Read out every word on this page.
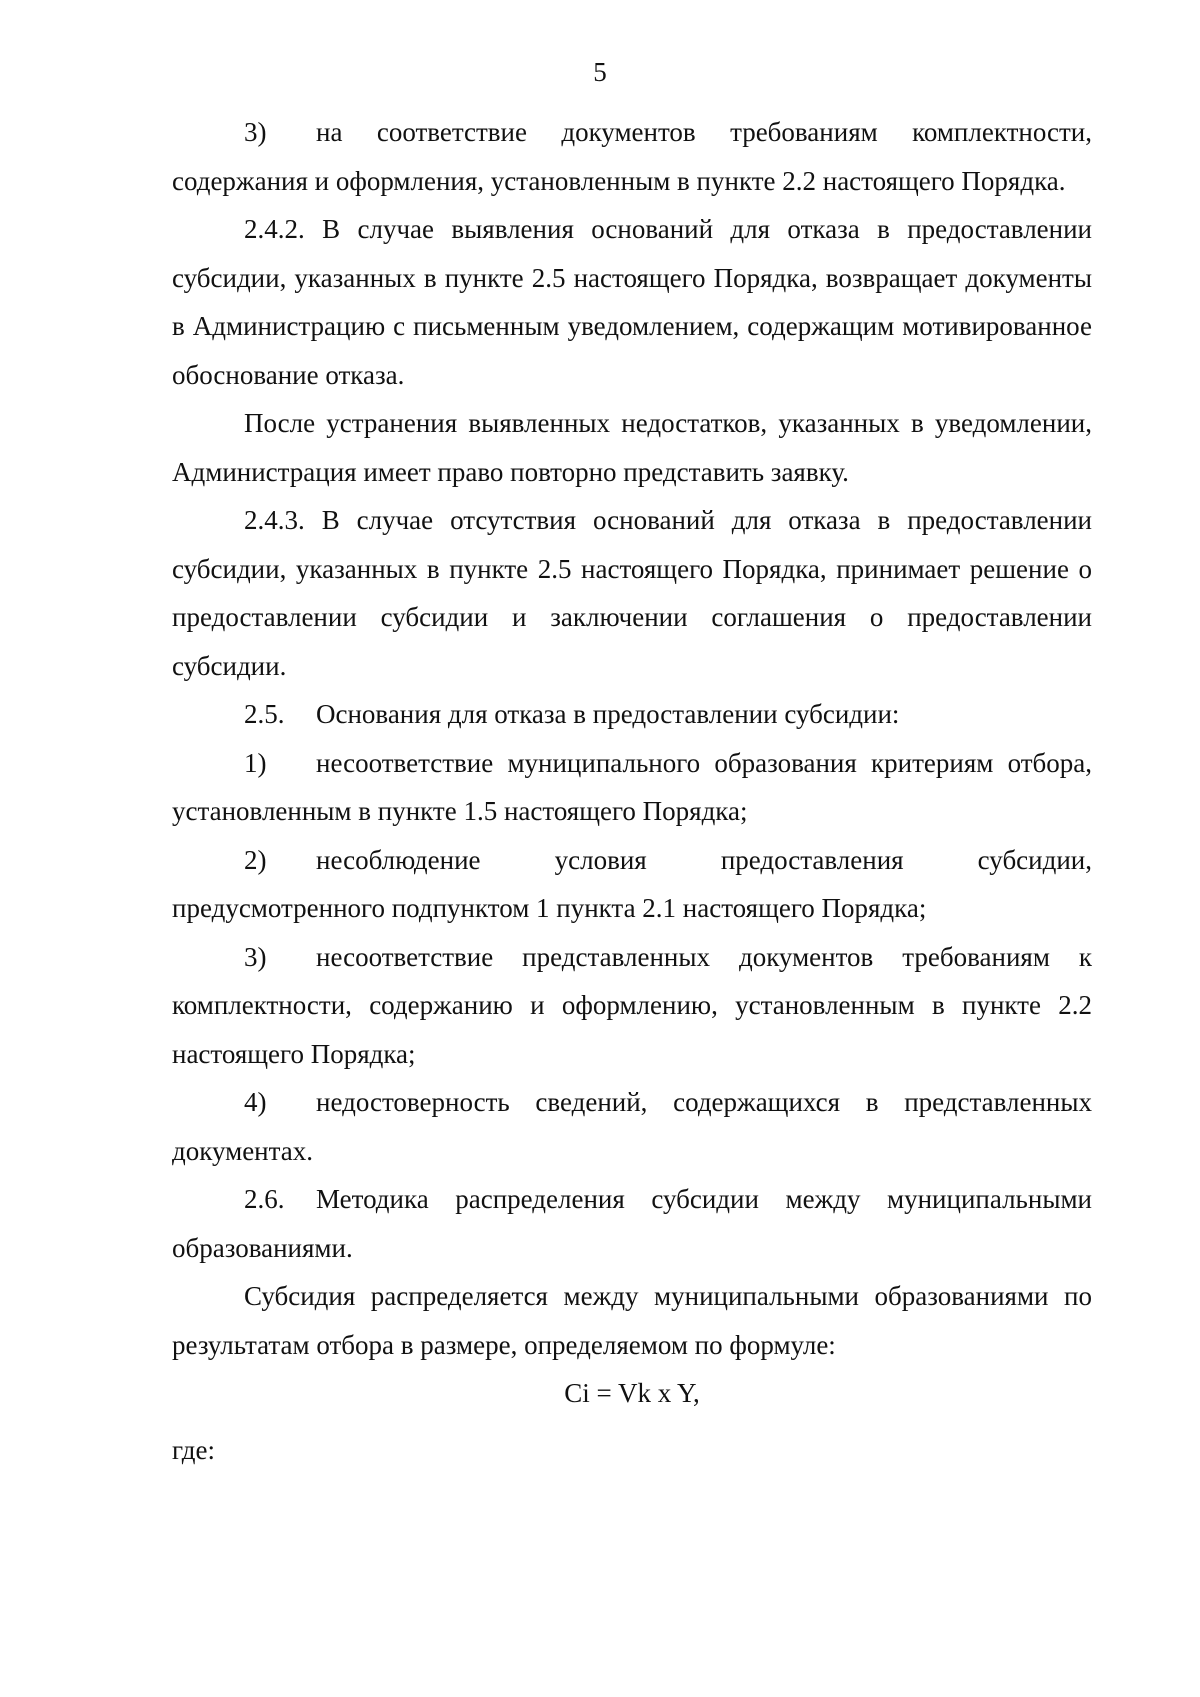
5

3) на соответствие документов требованиям комплектности, содержания и оформления, установленным в пункте 2.2 настоящего Порядка.

2.4.2. В случае выявления оснований для отказа в предоставлении субсидии, указанных в пункте 2.5 настоящего Порядка, возвращает документы в Администрацию с письменным уведомлением, содержащим мотивированное обоснование отказа.

После устранения выявленных недостатков, указанных в уведомлении, Администрация имеет право повторно представить заявку.

2.4.3. В случае отсутствия оснований для отказа в предоставлении субсидии, указанных в пункте 2.5 настоящего Порядка, принимает решение о предоставлении субсидии и заключении соглашения о предоставлении субсидии.

2.5. Основания для отказа в предоставлении субсидии:

1) несоответствие муниципального образования критериям отбора, установленным в пункте 1.5 настоящего Порядка;

2) несоблюдение условия предоставления субсидии, предусмотренного подпунктом 1 пункта 2.1 настоящего Порядка;

3) несоответствие представленных документов требованиям к комплектности, содержанию и оформлению, установленным в пункте 2.2 настоящего Порядка;

4) недостоверность сведений, содержащихся в представленных документах.

2.6. Методика распределения субсидии между муниципальными образованиями.

Субсидия распределяется между муниципальными образованиями по результатам отбора в размере, определяемом по формуле:

Ci = Vk x Y,

где:
